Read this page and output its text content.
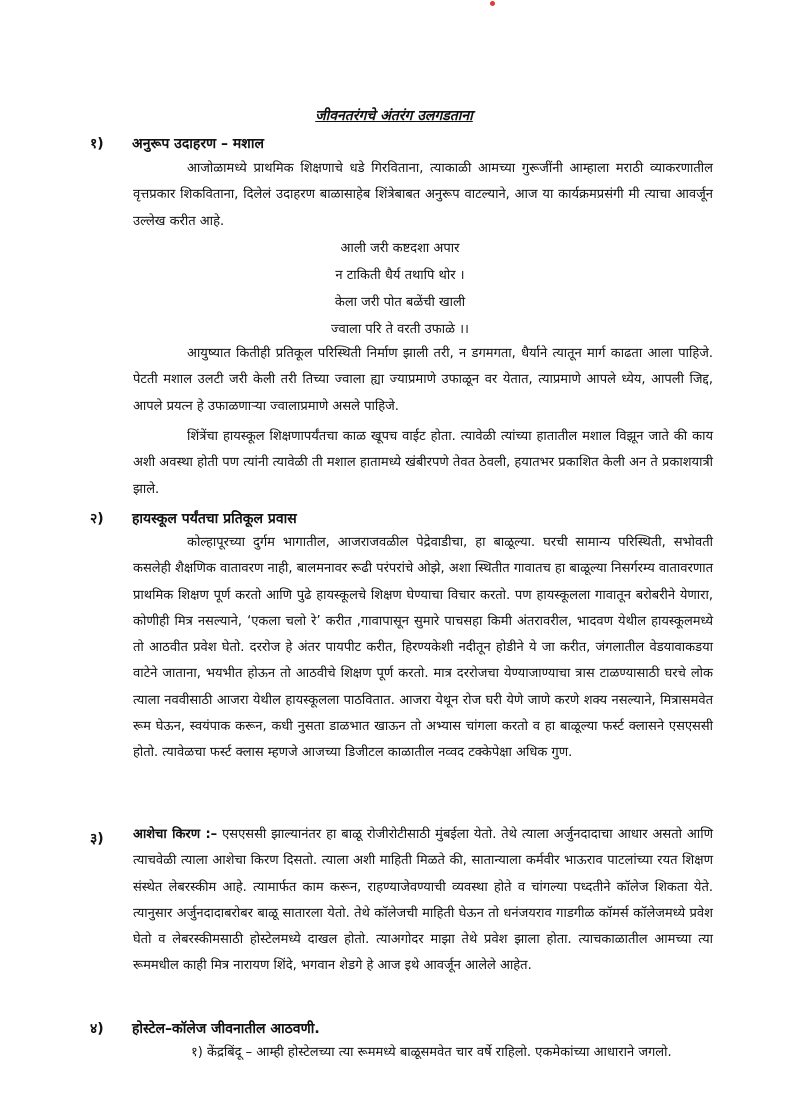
जीवनतरंगचे अंतरंग उलगडताना
१) अनुरूप उदाहरण – मशाल

आजोळामध्ये प्राथमिक शिक्षणाचे धडे गिरविताना, त्याकाळी आमच्या गुरूजींनी आम्हाला मराठी व्याकरणातील वृत्तप्रकार शिकविताना, दिलेलं उदाहरण बाळासाहेब शिंत्रेबाबत अनुरूप वाटल्याने, आज या कार्यक्रमप्रसंगी मी त्याचा आवर्जून उल्लेख करीत आहे.

आली जरी कष्टदशा अपार
न टाकिती धैर्य तथापि थोर ।
केला जरी पोत बळेंची खाली
ज्वाला परि ते वरती उफाळे ।।

आयुष्यात कितीही प्रतिकूल परिस्थिती निर्माण झाली तरी, न डगमगता, धैर्याने त्यातून मार्ग काढता आला पाहिजे. पेटती मशाल उलटी जरी केली तरी तिच्या ज्वाला ह्या ज्याप्रमाणे उफाळून वर येतात, त्याप्रमाणे आपले ध्येय, आपली जिद्द, आपले प्रयत्न हे उफाळणाऱ्या ज्वालाप्रमाणे असले पाहिजे.

शिंत्रेंचा हायस्कूल शिक्षणापर्यंतचा काळ खूपच वाईट होता. त्यावेळी त्यांच्या हातातील मशाल विझून जाते की काय अशी अवस्था होती पण त्यांनी त्यावेळी ती मशाल हातामध्ये खंबीरपणे तेवत ठेवली, हयातभर प्रकाशित केली अन ते प्रकाशयात्री झाले.

२) हायस्कूल पर्यंतचा प्रतिकूल प्रवास

कोल्हापूरच्या दुर्गम भागातील, आजराजवळील पेद्रेवाडीचा, हा बाळूल्या. घरची सामान्य परिस्थिती, सभोवती कसलेही शैक्षणिक वातावरण नाही, बालमनावर रूढी परंपरांचे ओझे, अशा स्थितीत गावातच हा बाळूल्या निसर्गरम्य वातावरणात प्राथमिक शिक्षण पूर्ण करतो आणि पुढे हायस्कूलचे शिक्षण घेण्याचा विचार करतो. पण हायस्कूलला गावातून बरोबरीने येणारा, कोणीही मित्र नसल्याने, ‘एकला चलो रे’ करीत ,गावापासून सुमारे पाचसहा किमी अंतरावरील, भादवण येथील हायस्कूलमध्ये तो आठवीत प्रवेश घेतो. दररोज हे अंतर पायपीट करीत, हिरण्यकेशी नदीतून होडीने ये जा करीत, जंगलातील वेडयावाकडया वाटेने जाताना, भयभीत होऊन तो आठवीचे शिक्षण पूर्ण करतो. मात्र दररोजचा येण्याजाण्याचा त्रास टाळण्यासाठी घरचे लोक त्याला नववीसाठी आजरा येथील हायस्कूलला पाठवितात. आजरा येथून रोज घरी येणे जाणे करणे शक्य नसल्याने, मित्रासमवेत रूम घेऊन, स्वयंपाक करून, कधी नुसता डाळभात खाऊन तो अभ्यास चांगला करतो व हा बाळूल्या फर्स्ट क्लासने एसएससी होतो. त्यावेळचा फर्स्ट क्लास म्हणजे आजच्या डिजीटल काळातील नव्वद टक्केपेक्षा अधिक गुण.

३)	आशेचा किरण :– एसएससी झाल्यानंतर हा बाळू रोजीरोटीसाठी मुंबईला येतो. तेथे त्याला अर्जुनदादाचा आधार असतो आणि त्याचवेळी त्याला आशेचा किरण दिसतो. त्याला अशी माहिती मिळते की, सातान्याला कर्मवीर भाऊराव पाटलांच्या रयत शिक्षण संस्थेत लेबरस्कीम आहे. त्यामार्फत काम करून, राहण्याजेवण्याची व्यवस्था होते व चांगल्या पध्दतीने कॉलेज शिकता येते. त्यानुसार अर्जुनदादाबरोबर बाळू सातारला येतो. तेथे कॉलेजची माहिती घेऊन तो धनंजयराव गाडगीळ कॉमर्स कॉलेजमध्ये प्रवेश घेतो व लेबरस्कीमसाठी होस्टेलमध्ये दाखल होतो. त्याअगोदर माझा तेथे प्रवेश झाला होता. त्याचकाळातील आमच्या त्या रूममधील काही मित्र नारायण शिंदे, भगवान शेडगे हे आज इथे आवर्जून आलेले आहेत.

४) होस्टेल–कॉलेज जीवनातील आठवणी.
१) केंद्रबिंदू – आम्ही होस्टेलच्या त्या रूममध्ये बाळूसमवेत चार वर्षे राहिलो. एकमेकांच्या आधाराने जगलो.
